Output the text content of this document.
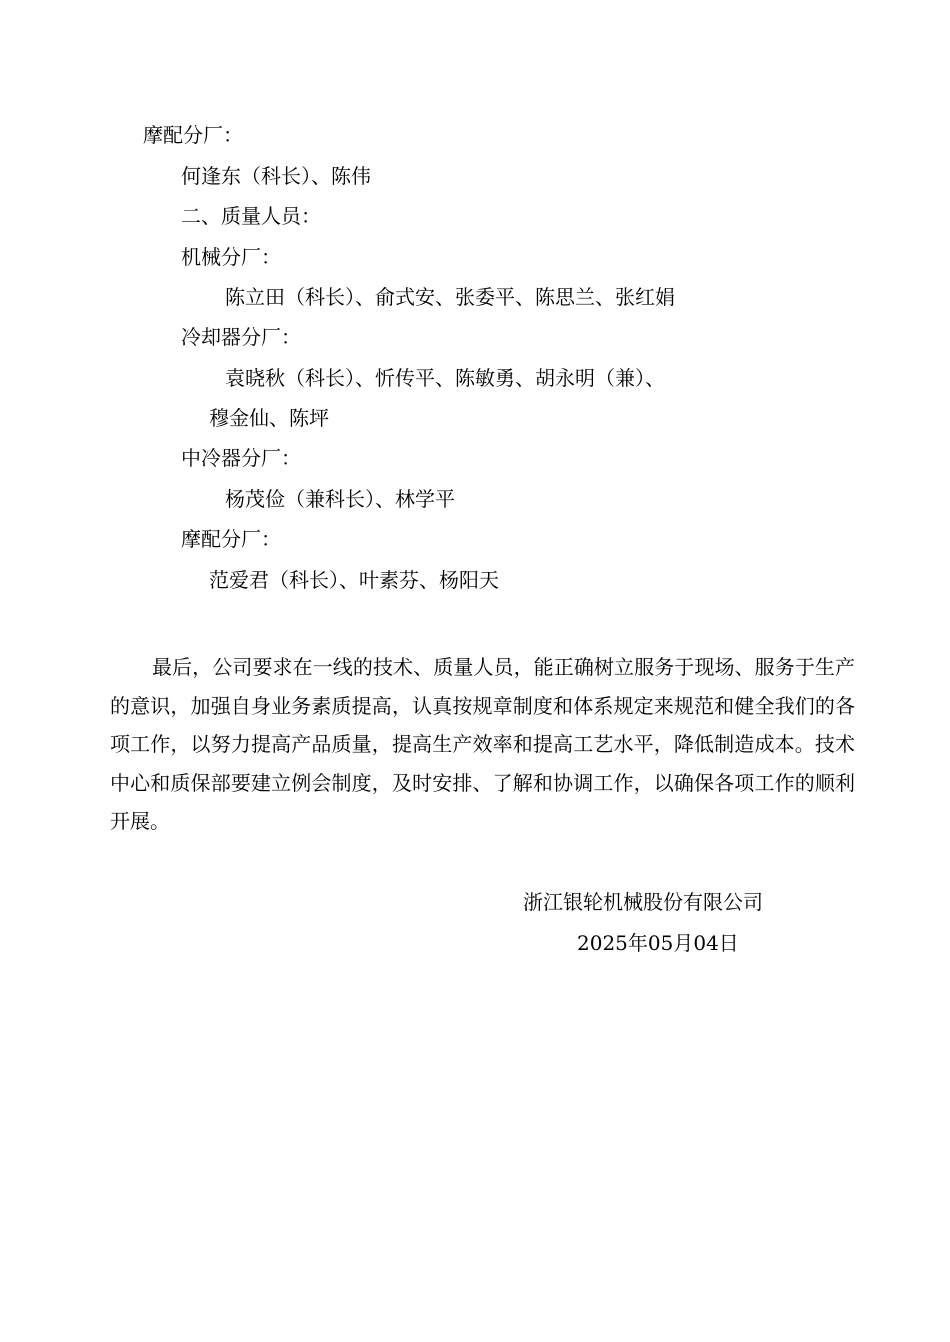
摩配分厂：

何逢东（科长）、陈伟

二、质量人员：

机械分厂：

陈立田（科长）、俞式安、张委平、陈思兰、张红娟

冷却器分厂：

袁晓秋（科长）、忻传平、陈敏勇、胡永明（兼）、

穆金仙、陈坪

中冷器分厂：

杨茂俭（兼科长）、林学平

摩配分厂：

范爱君（科长）、叶素芬、杨阳天

最后，公司要求在一线的技术、质量人员，能正确树立服务于现场、服务于生产的意识，加强自身业务素质提高，认真按规章制度和体系规定来规范和健全我们的各项工作，以努力提高产品质量，提高生产效率和提高工艺水平，降低制造成本。技术中心和质保部要建立例会制度，及时安排、了解和协调工作，以确保各项工作的顺利开展。

浙江银轮机械股份有限公司

2025年05月04日
